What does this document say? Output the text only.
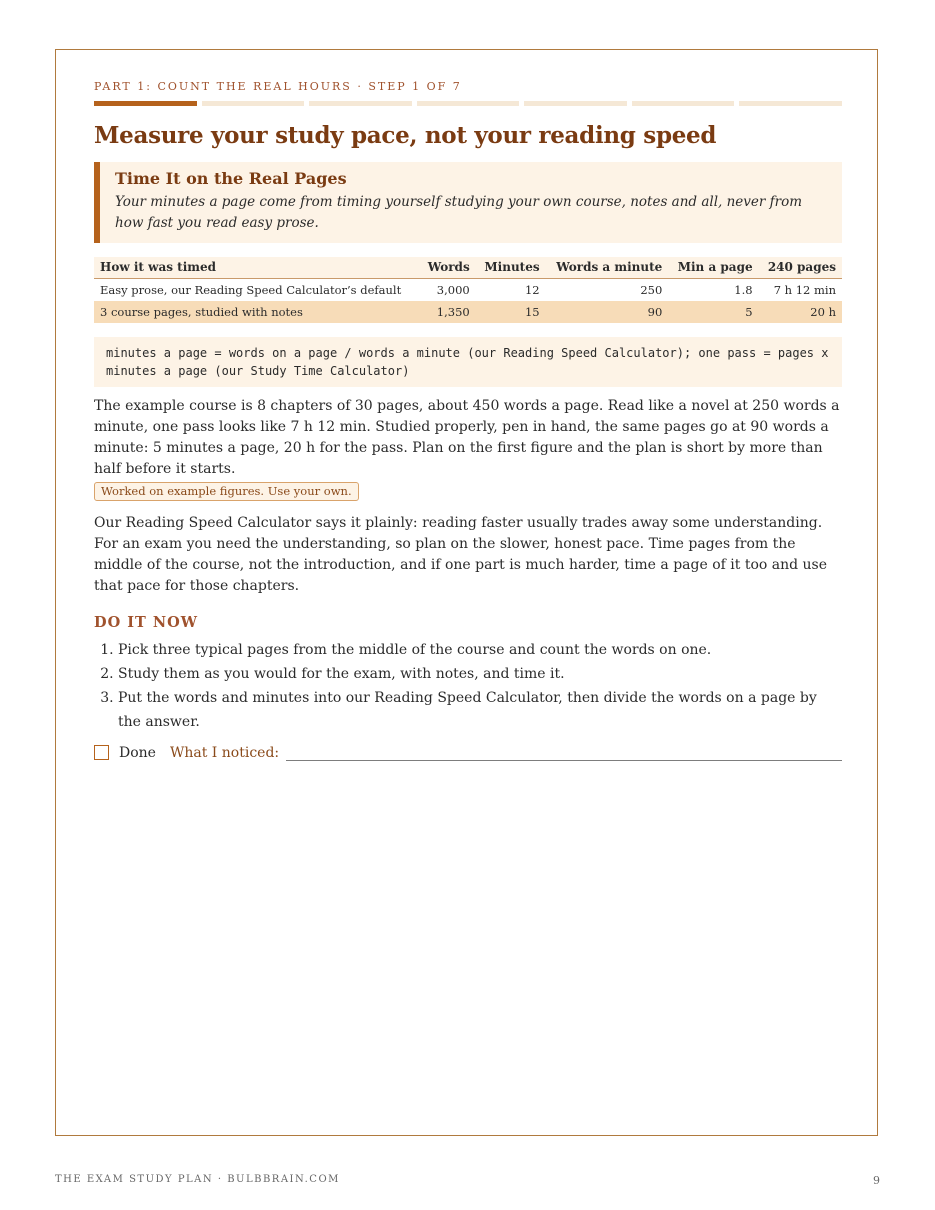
PART 1: COUNT THE REAL HOURS · STEP 1 OF 7

Measure your study pace, not your reading speed
Time It on the Real Pages

Your minutes a page come from timing yourself studying your own course, notes and all, never from how fast you read easy prose.

How it was timed	Words	Minutes	Words a minute	Min a page	240 pages
Easy prose, our Reading Speed Calculator’s default	3,000	12	250	1.8	7 h 12 min
3 course pages, studied with notes	1,350	15	90	5	20 h
minutes a page = words on a page / words a minute (our Reading Speed Calculator); one pass = pages x minutes a page (our Study Time Calculator)

The example course is 8 chapters of 30 pages, about 450 words a page. Read like a novel at 250 words a minute, one pass looks like 7 h 12 min. Studied properly, pen in hand, the same pages go at 90 words a minute: 5 minutes a page, 20 h for the pass. Plan on the first figure and the plan is short by more than half before it starts.

Worked on example figures. Use your own.

Our Reading Speed Calculator says it plainly: reading faster usually trades away some understanding. For an exam you need the understanding, so plan on the slower, honest pace. Time pages from the middle of the course, not the introduction, and if one part is much harder, time a page of it too and use that pace for those chapters.

DO IT NOW
1. Pick three typical pages from the middle of the course and count the words on one.
2. Study them as you would for the exam, with notes, and time it.
3. Put the words and minutes into our Reading Speed Calculator, then divide the words on a page by the answer.
Done What I noticed:
THE EXAM STUDY PLAN · BULBBRAIN.COM	9
